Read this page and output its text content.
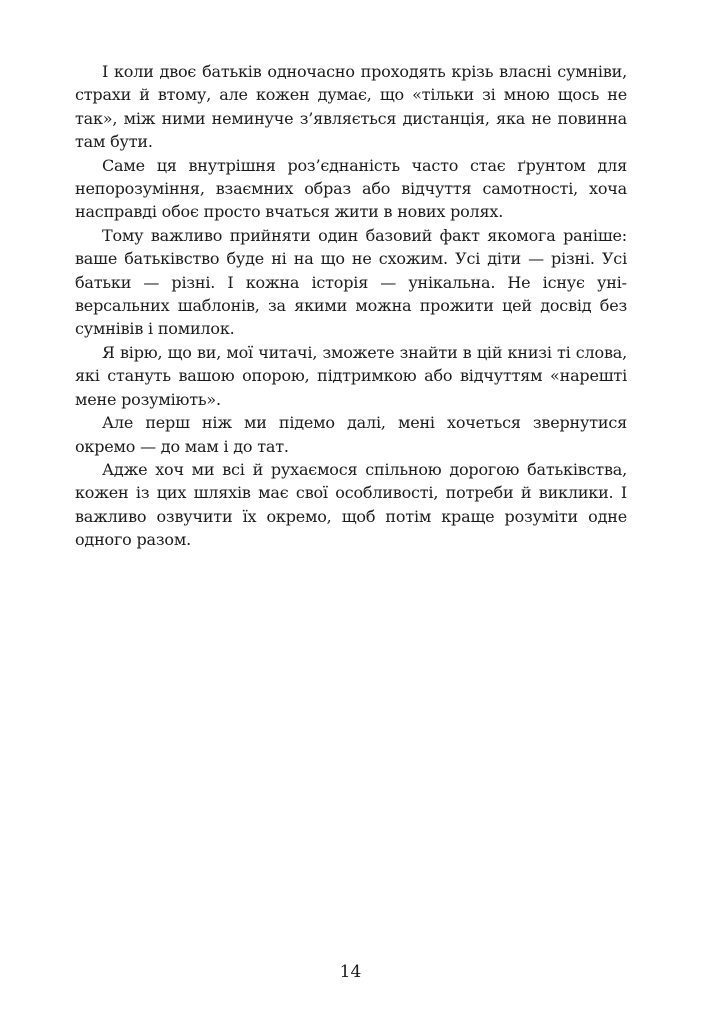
І коли двоє батьків одночасно проходять крізь власні сумніви, страхи й втому, але кожен думає, що «тільки зі мною щось не так», між ними неминуче з’являється дистанція, яка не повинна там бути.

Саме ця внутрішня роз’єднаність часто стає ґрунтом для непорозуміння, взаємних образ або відчуття самотності, хоча насправді обоє просто вчаться жити в нових ролях.

Тому важливо прийняти один базовий факт якомога раніше: ваше батьківство буде ні на що не схожим. Усі діти — різні. Усі батьки — різні. І кожна історія — унікальна. Не існує універсальних шаблонів, за якими можна прожити цей досвід без сумнівів і помилок.

Я вірю, що ви, мої читачі, зможете знайти в цій книзі ті слова, які стануть вашою опорою, підтримкою або відчуттям «нарешті мене розуміють».

Але перш ніж ми підемо далі, мені хочеться звернутися окремо — до мам і до тат.

Адже хоч ми всі й рухаємося спільною дорогою батьківства, кожен із цих шляхів має свої особливості, потреби й виклики. І важливо озвучити їх окремо, щоб потім краще розуміти одне одного разом.

14
